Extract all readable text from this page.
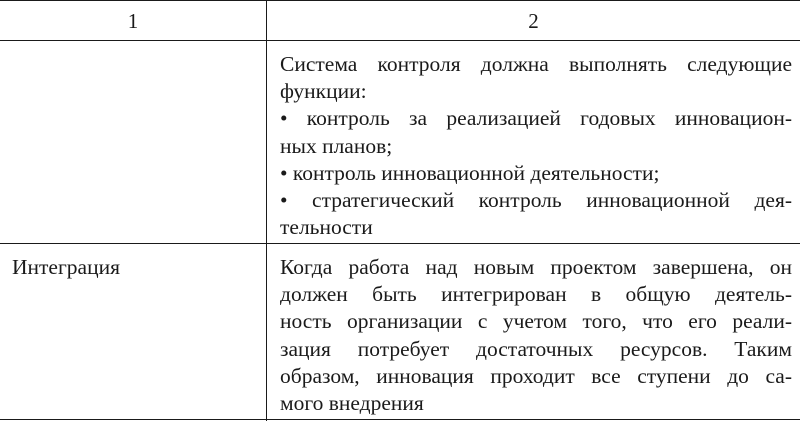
1	2
Система контроля должна выполнять следующие
функции:
• контроль за реализацией годовых инновацион-
ных планов;
• контроль инновационной деятельности;
• стратегический контроль инновационной дея-
тельности
Интеграция	Когда работа над новым проектом завершена, он
должен быть интегрирован в общую деятель-
ность организации с учетом того, что его реали-
зация потребует достаточных ресурсов. Таким
образом, инновация проходит все ступени до са-
мого внедрения
